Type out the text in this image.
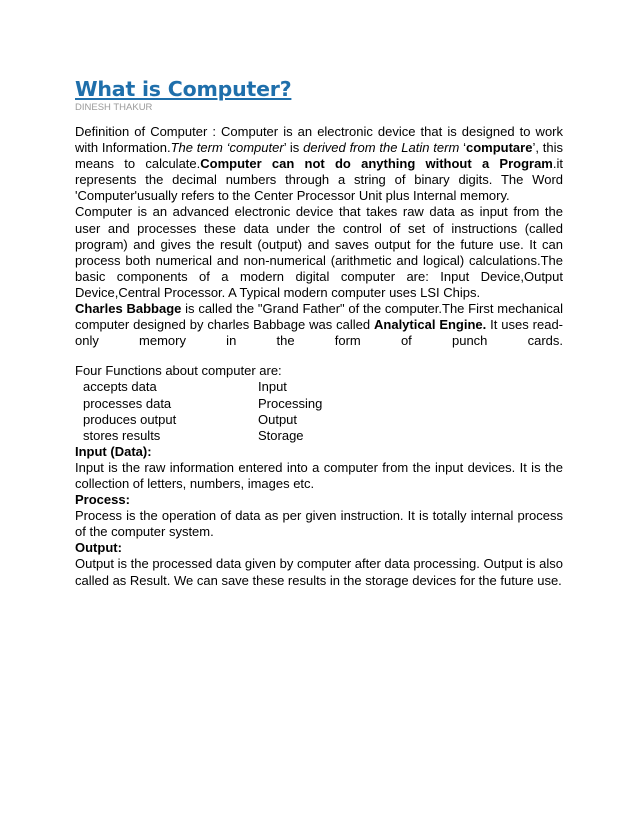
What is Computer?
DINESH THAKUR

Definition of Computer : Computer is an electronic device that is designed to work with Information.The term ‘computer’ is derived from the Latin term ‘computare’, this means to calculate.Computer can not do anything without a Program.it represents the decimal numbers through a string of binary digits. The Word 'Computer'usually refers to the Center Processor Unit plus Internal memory.

Computer is an advanced electronic device that takes raw data as input from the user and processes these data under the control of set of instructions (called program) and gives the result (output) and saves output for the future use. It can process both numerical and non-numerical (arithmetic and logical) calculations.The basic components of a modern digital computer are: Input Device,Output Device,Central Processor. A Typical modern computer uses LSI Chips.

Charles Babbage is called the "Grand Father" of the computer.The First mechanical computer designed by charles Babbage was called Analytical Engine. It uses read-only memory in the form of punch cards.

Four Functions about computer are:

accepts data	Input
processes data	Processing
produces output	Output
stores results	Storage

Input (Data):

Input is the raw information entered into a computer from the input devices. It is the collection of letters, numbers, images etc.

Process:

Process is the operation of data as per given instruction. It is totally internal process of the computer system.

Output:

Output is the processed data given by computer after data processing. Output is also called as Result. We can save these results in the storage devices for the future use.
